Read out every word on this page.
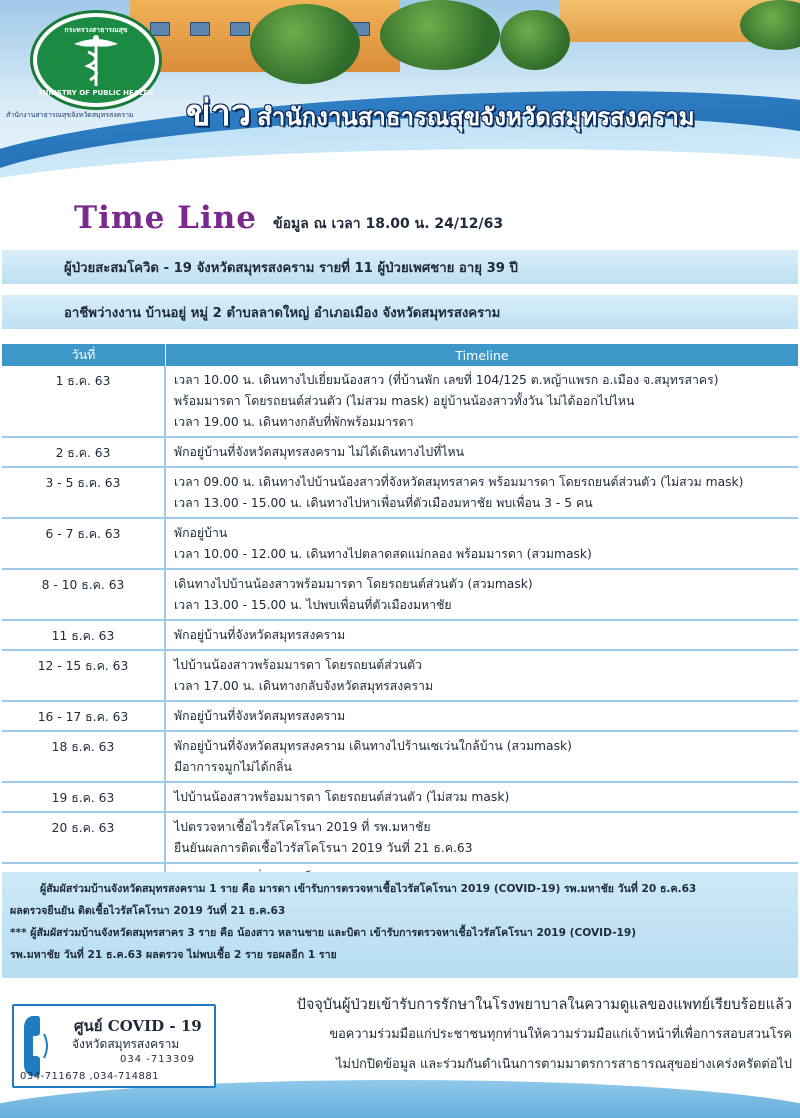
กระทรวงสาธารณสุข
MINISTRY OF PUBLIC HEALTH
สำนักงานสาธารณสุขจังหวัดสมุทรสงคราม	ข่าว สำนักงานสาธารณสุขจังหวัดสมุทรสงคราม
Time Line ข้อมูล ณ เวลา 18.00 น. 24/12/63
ผู้ป่วยสะสมโควิด - 19 จังหวัดสมุทรสงคราม รายที่ 11 ผู้ป่วยเพศชาย อายุ 39 ปี
อาชีพว่างงาน บ้านอยู่ หมู่ 2 ตำบลลาดใหญ่ อำเภอเมือง จังหวัดสมุทรสงคราม
วันที่	Timeline
1 ธ.ค. 63	เวลา 10.00 น. เดินทางไปเยี่ยมน้องสาว (ที่บ้านพัก เลขที่ 104/125 ต.หญ้าแพรก อ.เมือง จ.สมุทรสาคร)
พร้อมมารดา โดยรถยนต์ส่วนตัว (ไม่สวม mask) อยู่บ้านน้องสาวทั้งวัน ไม่ได้ออกไปไหน
เวลา 19.00 น. เดินทางกลับที่พักพร้อมมารดา
2 ธ.ค. 63	พักอยู่บ้านที่จังหวัดสมุทรสงคราม ไม่ได้เดินทางไปที่ไหน
3 - 5 ธ.ค. 63	เวลา 09.00 น. เดินทางไปบ้านน้องสาวที่จังหวัดสมุทรสาคร พร้อมมารดา โดยรถยนต์ส่วนตัว (ไม่สวม mask)
เวลา 13.00 - 15.00 น. เดินทางไปหาเพื่อนที่ตัวเมืองมหาชัย พบเพื่อน 3 - 5 คน
6 - 7 ธ.ค. 63	พักอยู่บ้าน
เวลา 10.00 - 12.00 น. เดินทางไปตลาดสดแม่กลอง พร้อมมารดา (สวมmask)
8 - 10 ธ.ค. 63	เดินทางไปบ้านน้องสาวพร้อมมารดา โดยรถยนต์ส่วนตัว (สวมmask)
เวลา 13.00 - 15.00 น. ไปพบเพื่อนที่ตัวเมืองมหาชัย
11 ธ.ค. 63	พักอยู่บ้านที่จังหวัดสมุทรสงคราม
12 - 15 ธ.ค. 63	ไปบ้านน้องสาวพร้อมมารดา โดยรถยนต์ส่วนตัว
เวลา 17.00 น. เดินทางกลับจังหวัดสมุทรสงคราม
16 - 17 ธ.ค. 63	พักอยู่บ้านที่จังหวัดสมุทรสงคราม
18 ธ.ค. 63	พักอยู่บ้านที่จังหวัดสมุทรสงคราม เดินทางไปร้านเซเว่นใกล้บ้าน (สวมmask)
มีอาการจมูกไม่ได้กลิ่น
19 ธ.ค. 63	ไปบ้านน้องสาวพร้อมมารดา โดยรถยนต์ส่วนตัว (ไม่สวม mask)
20 ธ.ค. 63	ไปตรวจหาเชื้อไวรัสโคโรนา 2019 ที่ รพ.มหาชัย
ยืนยันผลการติดเชื้อไวรัสโคโรนา 2019 วันที่ 21 ธ.ค.63
ผู้สัมผัสร่วมบ้านจังหวัดสมุทรสงคราม 1 ราย คือ มารดา เข้ารับการตรวจหาเชื้อไวรัสโคโรนา 2019 (COVID-19) รพ.มหาชัย วันที่ 20 ธ.ค.63
ผลตรวจยืนยัน ติดเชื้อไวรัสโคโรนา 2019 วันที่ 21 ธ.ค.63
*** ผู้สัมผัสร่วมบ้านจังหวัดสมุทรสาคร 3 ราย คือ น้องสาว หลานชาย และบิดา เข้ารับการตรวจหาเชื้อไวรัสโคโรนา 2019 (COVID-19)
รพ.มหาชัย วันที่ 21 ธ.ค.63 ผลตรวจ ไม่พบเชื้อ 2 ราย รอผลอีก 1 ราย
ศูนย์ COVID - 19
จังหวัดสมุทรสงคราม
034 -713309
034-711678 ,034-714881
ปัจจุบันผู้ป่วยเข้ารับการรักษาในโรงพยาบาลในความดูแลของแพทย์เรียบร้อยแล้ว
ขอความร่วมมือแก่ประชาชนทุกท่านให้ความร่วมมือแก่เจ้าหน้าที่เพื่อการสอบสวนโรค
ไม่ปกปิดข้อมูล และร่วมกันดำเนินการตามมาตรการสาธารณสุขอย่างเคร่งครัดต่อไป
